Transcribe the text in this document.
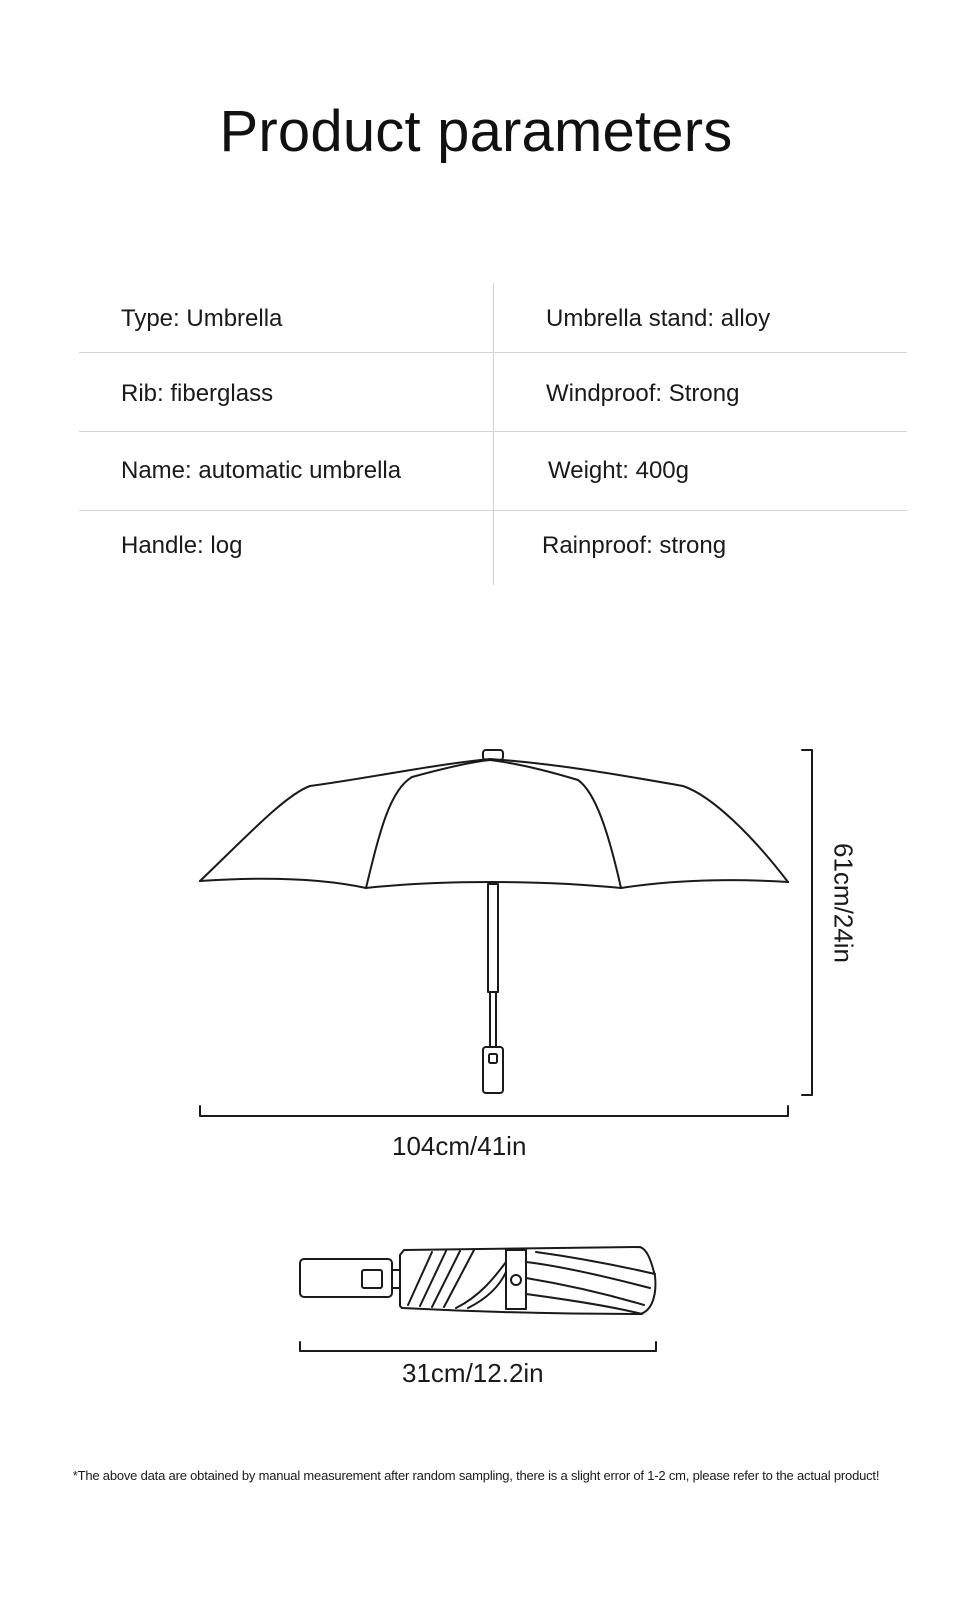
Product parameters
Type: Umbrella	Umbrella stand: alloy
Rib: fiberglass	Windproof: Strong
Name: automatic umbrella	Weight: 400g
Handle: log	Rainproof: strong
61cm/24in
104cm/41in
31cm/12.2in
*The above data are obtained by manual measurement after random sampling, there is a slight error of 1-2 cm, please refer to the actual product!
